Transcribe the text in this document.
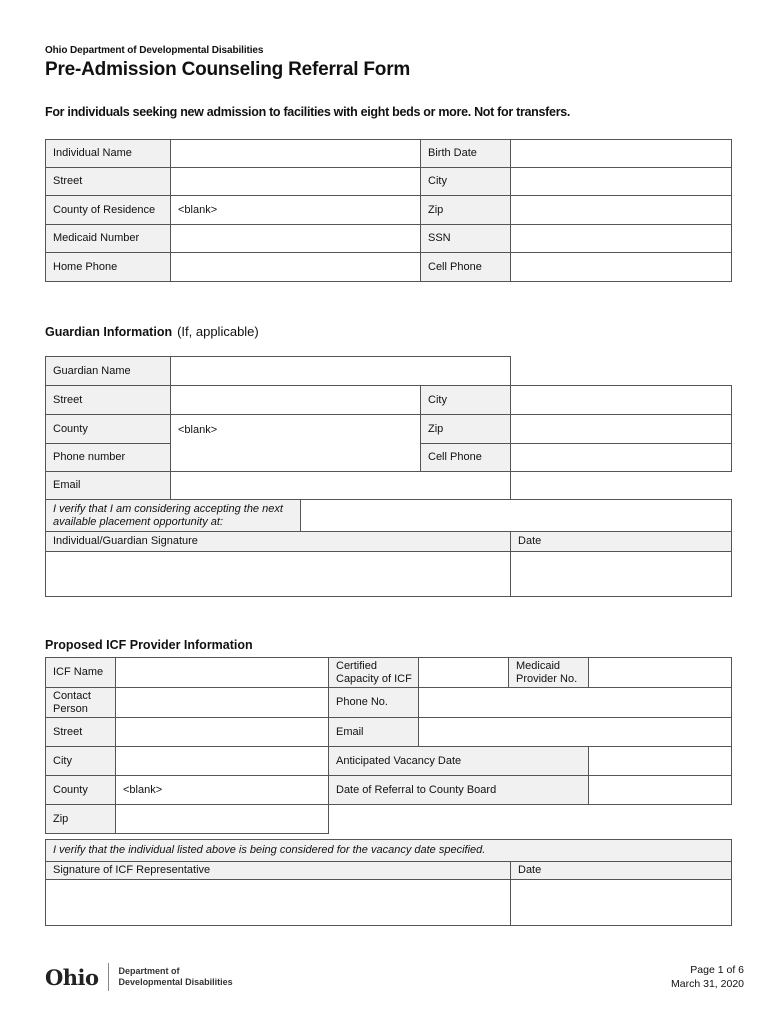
Ohio Department of Developmental Disabilities
Pre-Admission Counseling Referral Form
For individuals seeking new admission to facilities with eight beds or more. Not for transfers.
Individual Name		Birth Date	
Street		City	
County of Residence	<blank>	Zip	
Medicaid Number		SSN	
Home Phone		Cell Phone	
Guardian Information (If, applicable)
Guardian Name				
Street			City	
County	<blank>		Zip	
Phone number			Cell Phone	
Email				
I verify that I am considering accepting the next available placement opportunity at:				
Individual/Guardian Signature				Date

Proposed ICF Provider Information
ICF Name		Certified Capacity of ICF		Medicaid Provider No.	
Contact Person		Phone No.			
Street		Email			
City		Anticipated Vacancy Date			
County	<blank>	Date of Referral to County Board			
Zip					
I verify that the individual listed above is being considered for the vacancy date specified.	
Signature of ICF Representative	Date

Ohio Department of
Developmental Disabilities
Page 1 of 6
March 31, 2020
